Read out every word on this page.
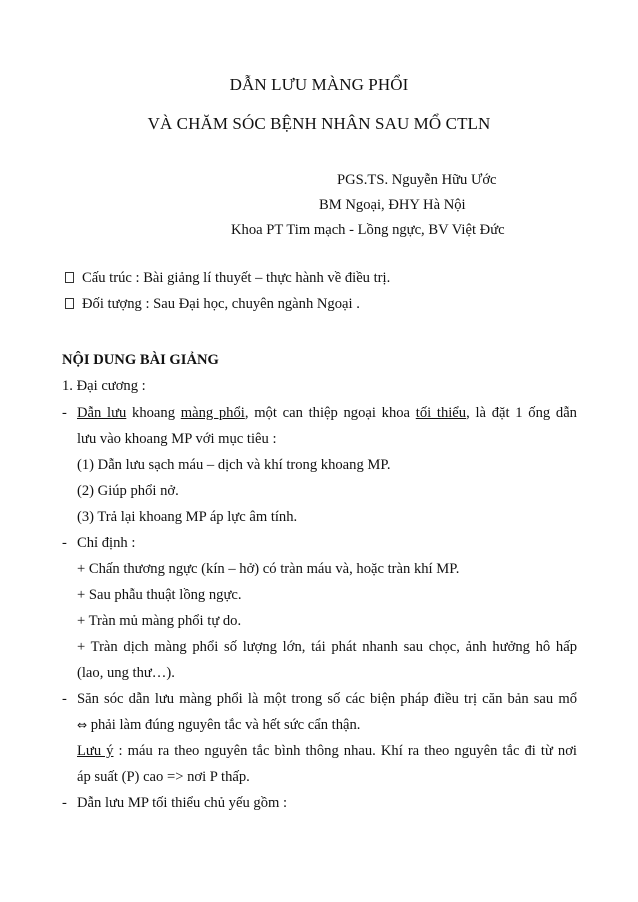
DẪN LƯU MÀNG PHỔI
VÀ CHĂM SÓC BỆNH NHÂN SAU MỔ CTLN
PGS.TS. Nguyễn Hữu Ước
BM Ngoại, ĐHY Hà Nội
Khoa PT Tim mạch - Lồng ngực, BV Việt Đức
Cấu trúc : Bài giảng lí thuyết – thực hành về điều trị.
Đối tượng : Sau Đại học, chuyên ngành Ngoại .
NỘI DUNG BÀI GIẢNG
1. Đại cương :
- Dẫn lưu khoang màng phổi, một can thiệp ngoại khoa tối thiểu, là đặt 1 ống dẫn
lưu vào khoang MP với mục tiêu :
(1) Dẫn lưu sạch máu – dịch và khí trong khoang MP.
(2) Giúp phổi nở.
(3) Trả lại khoang MP áp lực âm tính.
- Chỉ định :
+ Chấn thương ngực (kín – hở) có tràn máu và, hoặc tràn khí MP.
+ Sau phẫu thuật lồng ngực.
+ Tràn mủ màng phổi tự do.
+ Tràn dịch màng phổi số lượng lớn, tái phát nhanh sau chọc, ảnh hưởng hô hấp
(lao, ung thư…).
- Săn sóc dẫn lưu màng phổi là một trong số các biện pháp điều trị căn bản sau mổ
⇔ phải làm đúng nguyên tắc và hết sức cẩn thận.
Lưu ý : máu ra theo nguyên tắc bình thông nhau. Khí ra theo nguyên tắc đi từ nơi
áp suất (P) cao => nơi P thấp.
- Dẫn lưu MP tối thiểu chủ yếu gồm :
